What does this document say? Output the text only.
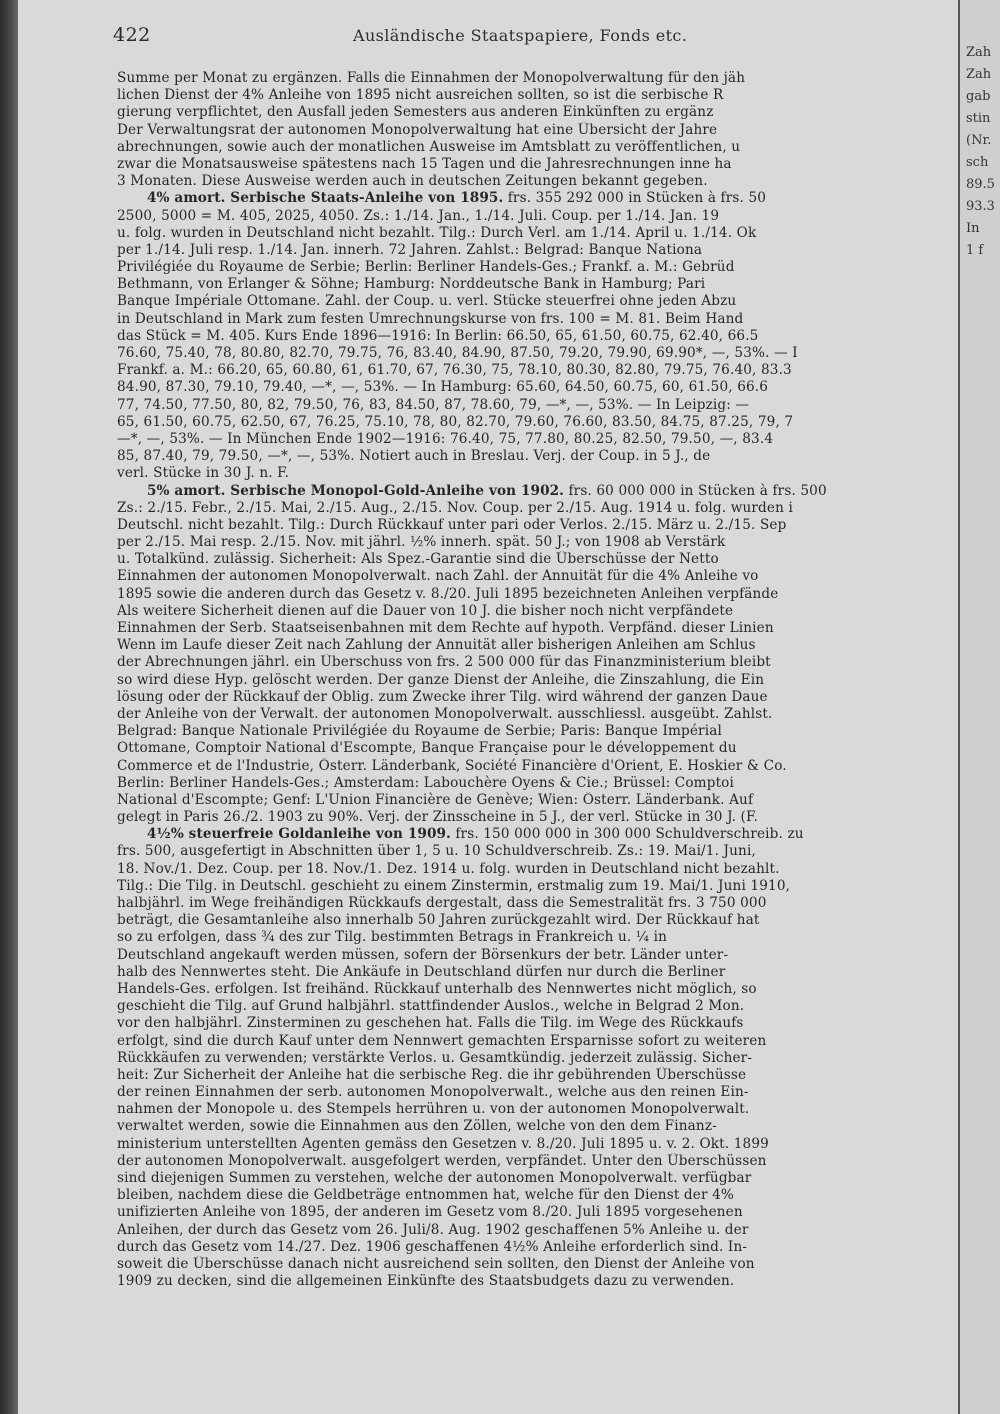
422	Ausländische Staatspapiere, Fonds etc.
Summe per Monat zu ergänzen. Falls die Einnahmen der Monopolverwaltung für den jäh
lichen Dienst der 4% Anleihe von 1895 nicht ausreichen sollten, so ist die serbische R
gierung verpflichtet, den Ausfall jeden Semesters aus anderen Einkünften zu ergänz
Der Verwaltungsrat der autonomen Monopolverwaltung hat eine Übersicht der Jahre
abrechnungen, sowie auch der monatlichen Ausweise im Amtsblatt zu veröffentlichen, u
zwar die Monatsausweise spätestens nach 15 Tagen und die Jahresrechnungen inne ha
3 Monaten. Diese Ausweise werden auch in deutschen Zeitungen bekannt gegeben.
4% amort. Serbische Staats-Anleihe von 1895. frs. 355 292 000 in Stücken à frs. 50
2500, 5000 = M. 405, 2025, 4050. Zs.: 1./14. Jan., 1./14. Juli. Coup. per 1./14. Jan. 19
u. folg. wurden in Deutschland nicht bezahlt. Tilg.: Durch Verl. am 1./14. April u. 1./14. Ok
per 1./14. Juli resp. 1./14. Jan. innerh. 72 Jahren. Zahlst.: Belgrad: Banque Nationa
Privilégiée du Royaume de Serbie; Berlin: Berliner Handels-Ges.; Frankf. a. M.: Gebrüd
Bethmann, von Erlanger & Söhne; Hamburg: Norddeutsche Bank in Hamburg; Pari
Banque Impériale Ottomane. Zahl. der Coup. u. verl. Stücke steuerfrei ohne jeden Abzu
in Deutschland in Mark zum festen Umrechnungskurse von frs. 100 = M. 81. Beim Hand
das Stück = M. 405. Kurs Ende 1896—1916: In Berlin: 66.50, 65, 61.50, 60.75, 62.40, 66.5
76.60, 75.40, 78, 80.80, 82.70, 79.75, 76, 83.40, 84.90, 87.50, 79.20, 79.90, 69.90*, —, 53%. — I
Frankf. a. M.: 66.20, 65, 60.80, 61, 61.70, 67, 76.30, 75, 78.10, 80.30, 82.80, 79.75, 76.40, 83.3
84.90, 87.30, 79.10, 79.40, —*, —, 53%. — In Hamburg: 65.60, 64.50, 60.75, 60, 61.50, 66.6
77, 74.50, 77.50, 80, 82, 79.50, 76, 83, 84.50, 87, 78.60, 79, —*, —, 53%. — In Leipzig: —
65, 61.50, 60.75, 62.50, 67, 76.25, 75.10, 78, 80, 82.70, 79.60, 76.60, 83.50, 84.75, 87.25, 79, 7
—*, —, 53%. — In München Ende 1902—1916: 76.40, 75, 77.80, 80.25, 82.50, 79.50, —, 83.4
85, 87.40, 79, 79.50, —*, —, 53%. Notiert auch in Breslau. Verj. der Coup. in 5 J., de
verl. Stücke in 30 J. n. F.
5% amort. Serbische Monopol-Gold-Anleihe von 1902. frs. 60 000 000 in Stücken à frs. 500
Zs.: 2./15. Febr., 2./15. Mai, 2./15. Aug., 2./15. Nov. Coup. per 2./15. Aug. 1914 u. folg. wurden i
Deutschl. nicht bezahlt. Tilg.: Durch Rückkauf unter pari oder Verlos. 2./15. März u. 2./15. Sep
per 2./15. Mai resp. 2./15. Nov. mit jährl. ½% innerh. spät. 50 J.; von 1908 ab Verstärk
u. Totalkünd. zulässig. Sicherheit: Als Spez.-Garantie sind die Überschüsse der Netto
Einnahmen der autonomen Monopolverwalt. nach Zahl. der Annuität für die 4% Anleihe vo
1895 sowie die anderen durch das Gesetz v. 8./20. Juli 1895 bezeichneten Anleihen verpfände
Als weitere Sicherheit dienen auf die Dauer von 10 J. die bisher noch nicht verpfändete
Einnahmen der Serb. Staatseisenbahnen mit dem Rechte auf hypoth. Verpfänd. dieser Linien
Wenn im Laufe dieser Zeit nach Zahlung der Annuität aller bisherigen Anleihen am Schlus
der Abrechnungen jährl. ein Überschuss von frs. 2 500 000 für das Finanzministerium bleibt
so wird diese Hyp. gelöscht werden. Der ganze Dienst der Anleihe, die Zinszahlung, die Ein
lösung oder der Rückkauf der Oblig. zum Zwecke ihrer Tilg. wird während der ganzen Daue
der Anleihe von der Verwalt. der autonomen Monopolverwalt. ausschliessl. ausgeübt. Zahlst.
Belgrad: Banque Nationale Privilégiée du Royaume de Serbie; Paris: Banque Impérial
Ottomane, Comptoir National d'Escompte, Banque Française pour le développement du
Commerce et de l'Industrie, Österr. Länderbank, Société Financière d'Orient, E. Hoskier & Co.
Berlin: Berliner Handels-Ges.; Amsterdam: Labouchère Oyens & Cie.; Brüssel: Comptoi
National d'Escompte; Genf: L'Union Financière de Genève; Wien: Österr. Länderbank. Auf
gelegt in Paris 26./2. 1903 zu 90%. Verj. der Zinsscheine in 5 J., der verl. Stücke in 30 J. (F.
4½% steuerfreie Goldanleihe von 1909. frs. 150 000 000 in 300 000 Schuldverschreib. zu
frs. 500, ausgefertigt in Abschnitten über 1, 5 u. 10 Schuldverschreib. Zs.: 19. Mai/1. Juni,
18. Nov./1. Dez. Coup. per 18. Nov./1. Dez. 1914 u. folg. wurden in Deutschland nicht bezahlt.
Tilg.: Die Tilg. in Deutschl. geschieht zu einem Zinstermin, erstmalig zum 19. Mai/1. Juni 1910,
halbjährl. im Wege freihändigen Rückkaufs dergestalt, dass die Semestralität frs. 3 750 000
beträgt, die Gesamtanleihe also innerhalb 50 Jahren zurückgezahlt wird. Der Rückkauf hat
so zu erfolgen, dass ¾ des zur Tilg. bestimmten Betrags in Frankreich u. ¼ in
Deutschland angekauft werden müssen, sofern der Börsenkurs der betr. Länder unter-
halb des Nennwertes steht. Die Ankäufe in Deutschland dürfen nur durch die Berliner
Handels-Ges. erfolgen. Ist freihänd. Rückkauf unterhalb des Nennwertes nicht möglich, so
geschieht die Tilg. auf Grund halbjährl. stattfindender Auslos., welche in Belgrad 2 Mon.
vor den halbjährl. Zinsterminen zu geschehen hat. Falls die Tilg. im Wege des Rückkaufs
erfolgt, sind die durch Kauf unter dem Nennwert gemachten Ersparnisse sofort zu weiteren
Rückkäufen zu verwenden; verstärkte Verlos. u. Gesamtkündig. jederzeit zulässig. Sicher-
heit: Zur Sicherheit der Anleihe hat die serbische Reg. die ihr gebührenden Überschüsse
der reinen Einnahmen der serb. autonomen Monopolverwalt., welche aus den reinen Ein-
nahmen der Monopole u. des Stempels herrühren u. von der autonomen Monopolverwalt.
verwaltet werden, sowie die Einnahmen aus den Zöllen, welche von den dem Finanz-
ministerium unterstellten Agenten gemäss den Gesetzen v. 8./20. Juli 1895 u. v. 2. Okt. 1899
der autonomen Monopolverwalt. ausgefolgert werden, verpfändet. Unter den Überschüssen
sind diejenigen Summen zu verstehen, welche der autonomen Monopolverwalt. verfügbar
bleiben, nachdem diese die Geldbeträge entnommen hat, welche für den Dienst der 4%
unifizierten Anleihe von 1895, der anderen im Gesetz vom 8./20. Juli 1895 vorgesehenen
Anleihen, der durch das Gesetz vom 26. Juli/8. Aug. 1902 geschaffenen 5% Anleihe u. der
durch das Gesetz vom 14./27. Dez. 1906 geschaffenen 4½% Anleihe erforderlich sind. In-
soweit die Überschüsse danach nicht ausreichend sein sollten, den Dienst der Anleihe von
1909 zu decken, sind die allgemeinen Einkünfte des Staatsbudgets dazu zu verwenden.
Zah
Zah
gab
stin
(Nr.
sch
89.5
93.3
In
1 f
